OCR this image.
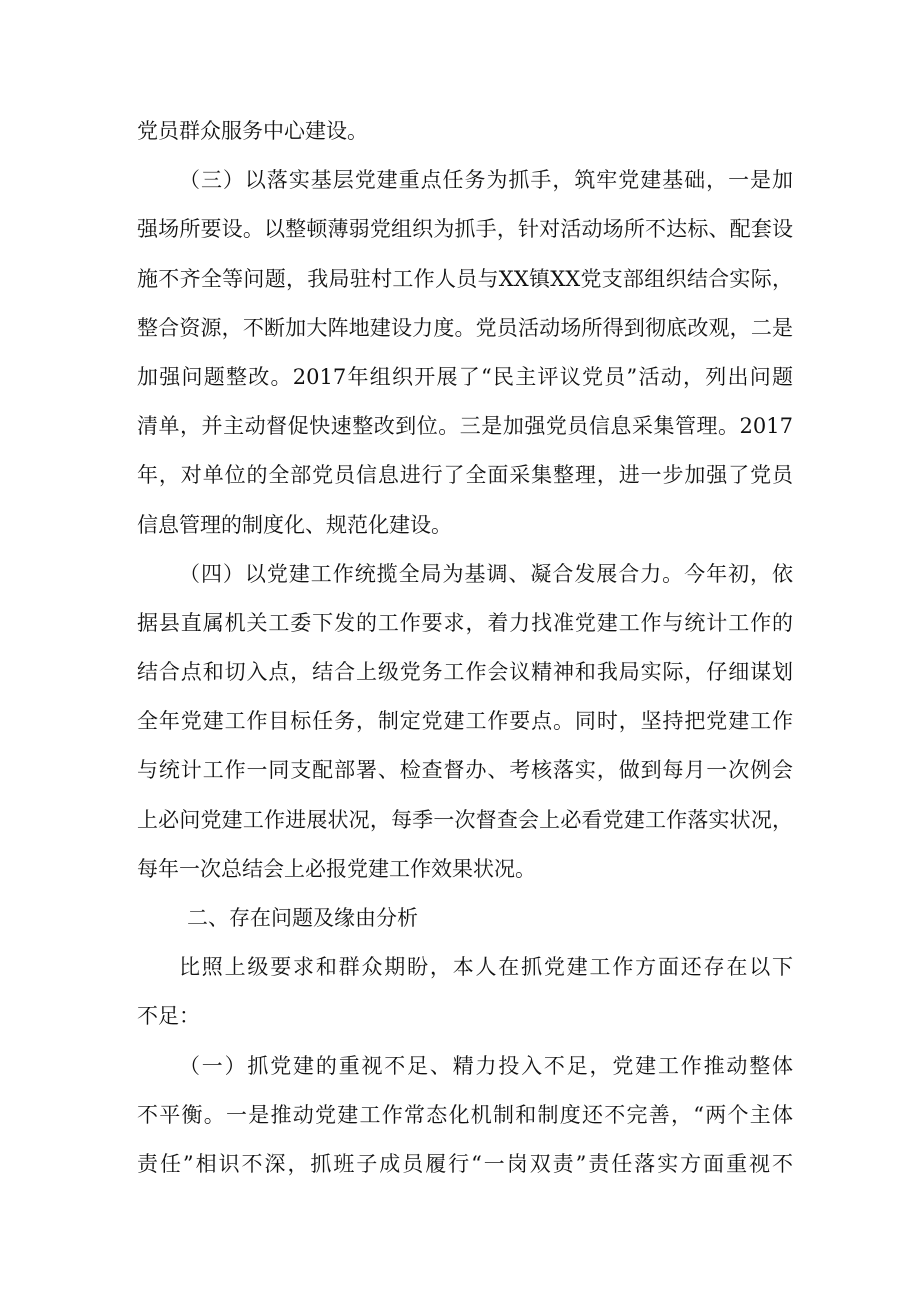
党员群众服务中心建设。
（三）以落实基层党建重点任务为抓手，筑牢党建基础，一是加
强场所要设。以整顿薄弱党组织为抓手，针对活动场所不达标、配套设
施不齐全等问题，我局驻村工作人员与XX镇XX党支部组织结合实际，
整合资源，不断加大阵地建设力度。党员活动场所得到彻底改观，二是
加强问题整改。2017年组织开展了“民主评议党员”活动，列出问题
清单，并主动督促快速整改到位。三是加强党员信息采集管理。2017
年，对单位的全部党员信息进行了全面采集整理，进一步加强了党员
信息管理的制度化、规范化建设。
（四）以党建工作统揽全局为基调、凝合发展合力。今年初，依
据县直属机关工委下发的工作要求，着力找准党建工作与统计工作的
结合点和切入点，结合上级党务工作会议精神和我局实际，仔细谋划
全年党建工作目标任务，制定党建工作要点。同时，坚持把党建工作
与统计工作一同支配部署、检查督办、考核落实，做到每月一次例会
上必问党建工作进展状况，每季一次督查会上必看党建工作落实状况，
每年一次总结会上必报党建工作效果状况。
二、存在问题及缘由分析
比照上级要求和群众期盼，本人在抓党建工作方面还存在以下
不足：
（一）抓党建的重视不足、精力投入不足，党建工作推动整体
不平衡。一是推动党建工作常态化机制和制度还不完善，“两个主体
责任”相识不深，抓班子成员履行“一岗双责”责任落实方面重视不
